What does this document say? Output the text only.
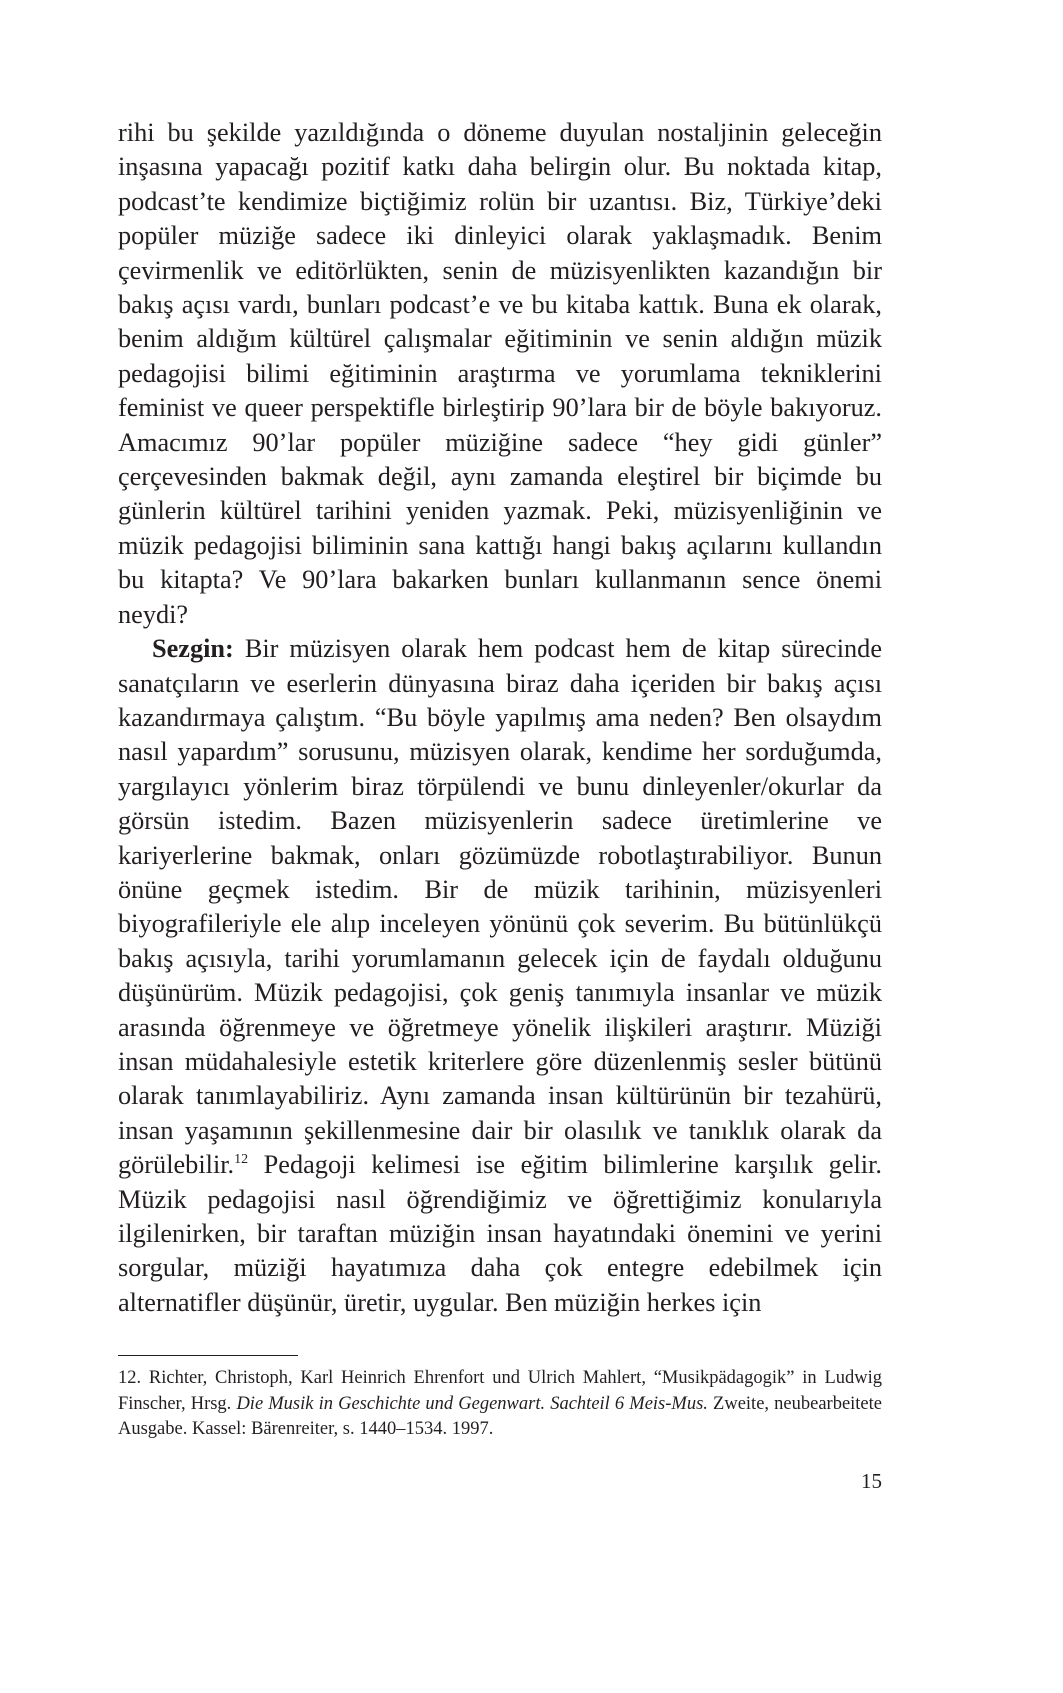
rihi bu şekilde yazıldığında o döneme duyulan nostaljinin geleceğin inşasına yapacağı pozitif katkı daha belirgin olur. Bu noktada kitap, podcast’te kendimize biçtiğimiz rolün bir uzantısı. Biz, Türkiye’deki popüler müziğe sadece iki dinleyici olarak yaklaşmadık. Benim çevirmenlik ve editörlükten, senin de müzisyenlikten kazandığın bir bakış açısı vardı, bunları podcast’e ve bu kitaba kattık. Buna ek olarak, benim aldığım kültürel çalışmalar eğitiminin ve senin aldığın müzik pedagojisi bilimi eğitiminin araştırma ve yorumlama tekniklerini feminist ve queer perspektifle birleştirip 90’lara bir de böyle bakıyoruz. Amacımız 90’lar popüler müziğine sadece “hey gidi günler” çerçevesinden bakmak değil, aynı zamanda eleştirel bir biçimde bu günlerin kültürel tarihini yeniden yazmak. Peki, müzisyenliğinin ve müzik pedagojisi biliminin sana kattığı hangi bakış açılarını kullandın bu kitapta? Ve 90’lara bakarken bunları kullanmanın sence önemi neydi?

Sezgin: Bir müzisyen olarak hem podcast hem de kitap sürecinde sanatçıların ve eserlerin dünyasına biraz daha içeriden bir bakış açısı kazandırmaya çalıştım. “Bu böyle yapılmış ama neden? Ben olsaydım nasıl yapardım” sorusunu, müzisyen olarak, kendime her sorduğumda, yargılayıcı yönlerim biraz törpülendi ve bunu dinleyenler/okurlar da görsün istedim. Bazen müzisyenlerin sadece üretimlerine ve kariyerlerine bakmak, onları gözümüzde robotlaştırabiliyor. Bunun önüne geçmek istedim. Bir de müzik tarihinin, müzisyenleri biyografileriyle ele alıp inceleyen yönünü çok severim. Bu bütünlükçü bakış açısıyla, tarihi yorumlamanın gelecek için de faydalı olduğunu düşünürüm. Müzik pedagojisi, çok geniş tanımıyla insanlar ve müzik arasında öğrenmeye ve öğretmeye yönelik ilişkileri araştırır. Müziği insan müdahalesiyle estetik kriterlere göre düzenlenmiş sesler bütünü olarak tanımlayabiliriz. Aynı zamanda insan kültürünün bir tezahürü, insan yaşamının şekillenmesine dair bir olasılık ve tanıklık olarak da görülebilir.$^{12}$ Pedagoji kelimesi ise eğitim bilimlerine karşılık gelir. Müzik pedagojisi nasıl öğrendiğimiz ve öğrettiğimiz konularıyla ilgilenirken, bir taraftan müziğin insan hayatındaki önemini ve yerini sorgular, müziği hayatımıza daha çok entegre edebilmek için alternatifler düşünür, üretir, uygular. Ben müziğin herkes için

12. Richter, Christoph, Karl Heinrich Ehrenfort und Ulrich Mahlert, “Musikpädagogik” in Ludwig Finscher, Hrsg. Die Musik in Geschichte und Gegenwart. Sachteil 6 Meis-Mus. Zweite, neubearbeitete Ausgabe. Kassel: Bärenreiter, s. 1440–1534. 1997.

15
